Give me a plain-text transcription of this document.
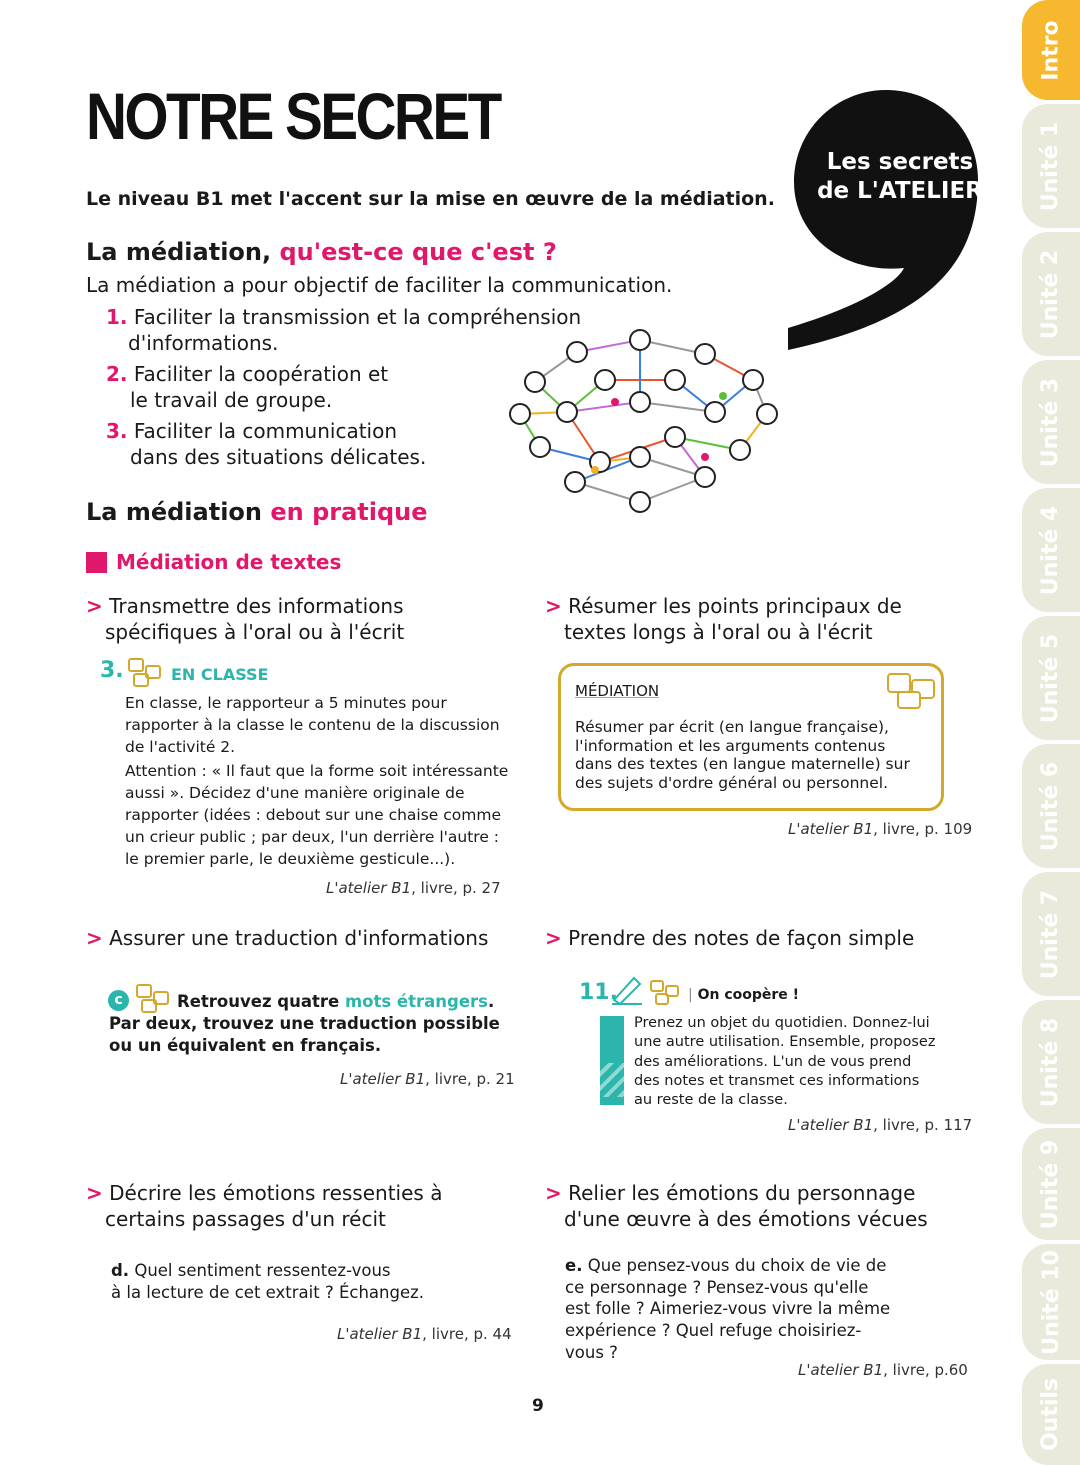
Intro
Unité 1
Unité 2
Unité 3
Unité 4
Unité 5
Unité 6
Unité 7
Unité 8
Unité 9
Unité 10
Outils
NOTRE SECRET
Les secrets
de L'ATELIER
Le niveau B1 met l'accent sur la mise en œuvre de la médiation.
La médiation, qu'est-ce que c'est ?
La médiation a pour objectif de faciliter la communication.
1. Faciliter la transmission et la compréhension
d'informations.
2. Faciliter la coopération et
le travail de groupe.
3. Faciliter la communication
dans des situations délicates.
La médiation en pratique
Médiation de textes
> Transmettre des informations
spécifiques à l'oral ou à l'écrit
3.	EN CLASSE
En classe, le rapporteur a 5 minutes pour
rapporter à la classe le contenu de la discussion
de l'activité 2.
Attention : « Il faut que la forme soit intéressante
aussi ». Décidez d'une manière originale de
rapporter (idées : debout sur une chaise comme
un crieur public ; par deux, l'un derrière l'autre :
le premier parle, le deuxième gesticule...).
L'atelier B1, livre, p. 27
> Résumer les points principaux de
textes longs à l'oral ou à l'écrit
MÉDIATION
Résumer par écrit (en langue française),
l'information et les arguments contenus
dans des textes (en langue maternelle) sur
des sujets d'ordre général ou personnel.
L'atelier B1, livre, p. 109
> Assurer une traduction d'informations
c	Retrouvez quatre mots étrangers.
Par deux, trouvez une traduction possible
ou un équivalent en français.
L'atelier B1, livre, p. 21
> Prendre des notes de façon simple
11.	| On coopère !
Prenez un objet du quotidien. Donnez-lui
une autre utilisation. Ensemble, proposez
des améliorations. L'un de vous prend
des notes et transmet ces informations
au reste de la classe.
L'atelier B1, livre, p. 117
> Décrire les émotions ressenties à
certains passages d'un récit
d. Quel sentiment ressentez-vous
à la lecture de cet extrait ? Échangez.
L'atelier B1, livre, p. 44
> Relier les émotions du personnage
d'une œuvre à des émotions vécues
e. Que pensez-vous du choix de vie de
ce personnage ? Pensez-vous qu'elle
est folle ? Aimeriez-vous vivre la même
expérience ? Quel refuge choisiriez-
vous ?
L'atelier B1, livre, p.60
9
